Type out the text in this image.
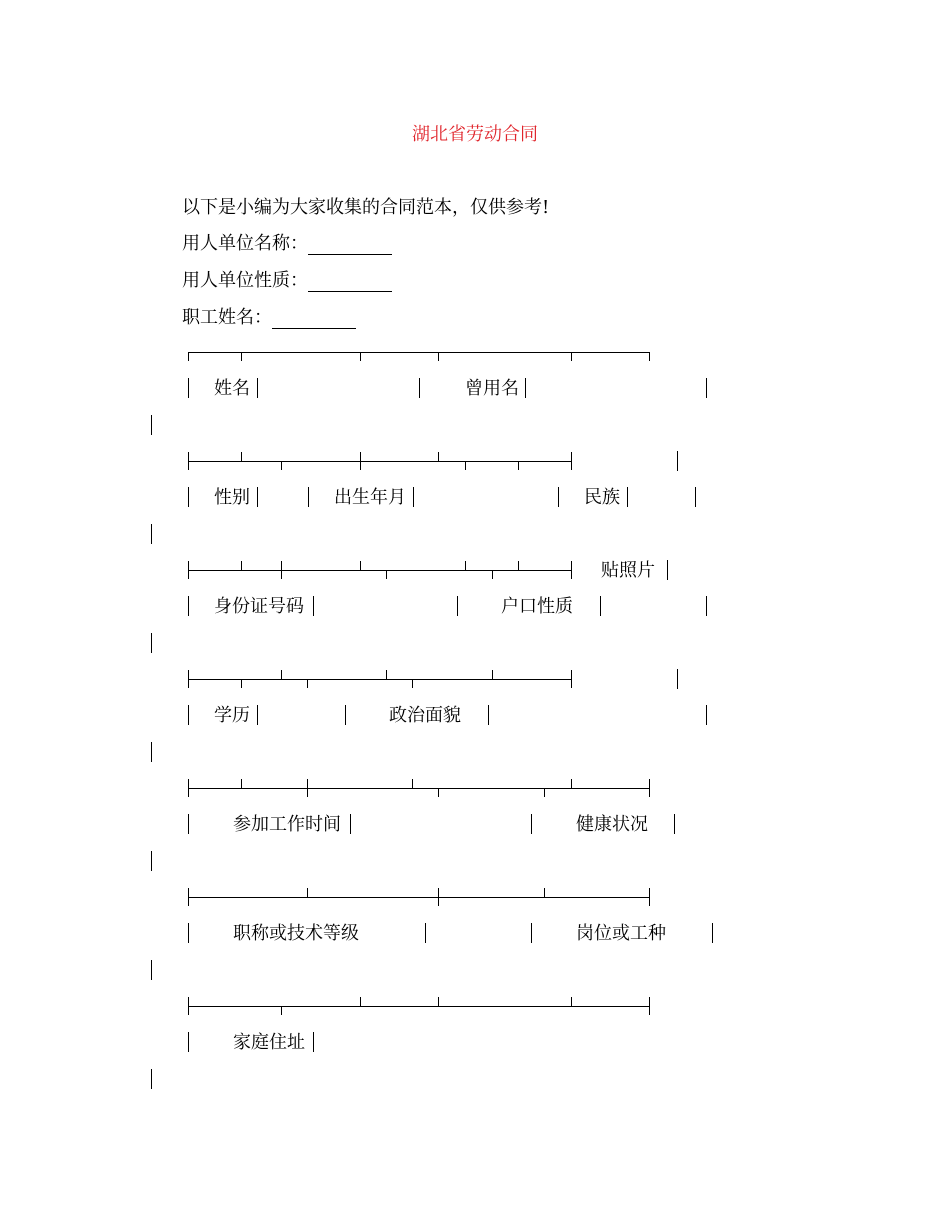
湖北省劳动合同
以下是小编为大家收集的合同范本，仅供参考!
用人单位名称：
用人单位性质：
职工姓名：
姓名	曾用名
性别	出生年月	民族
贴照片
身份证号码	户口性质
学历	政治面貌
参加工作时间	健康状况
职称或技术等级	岗位或工种
家庭住址
